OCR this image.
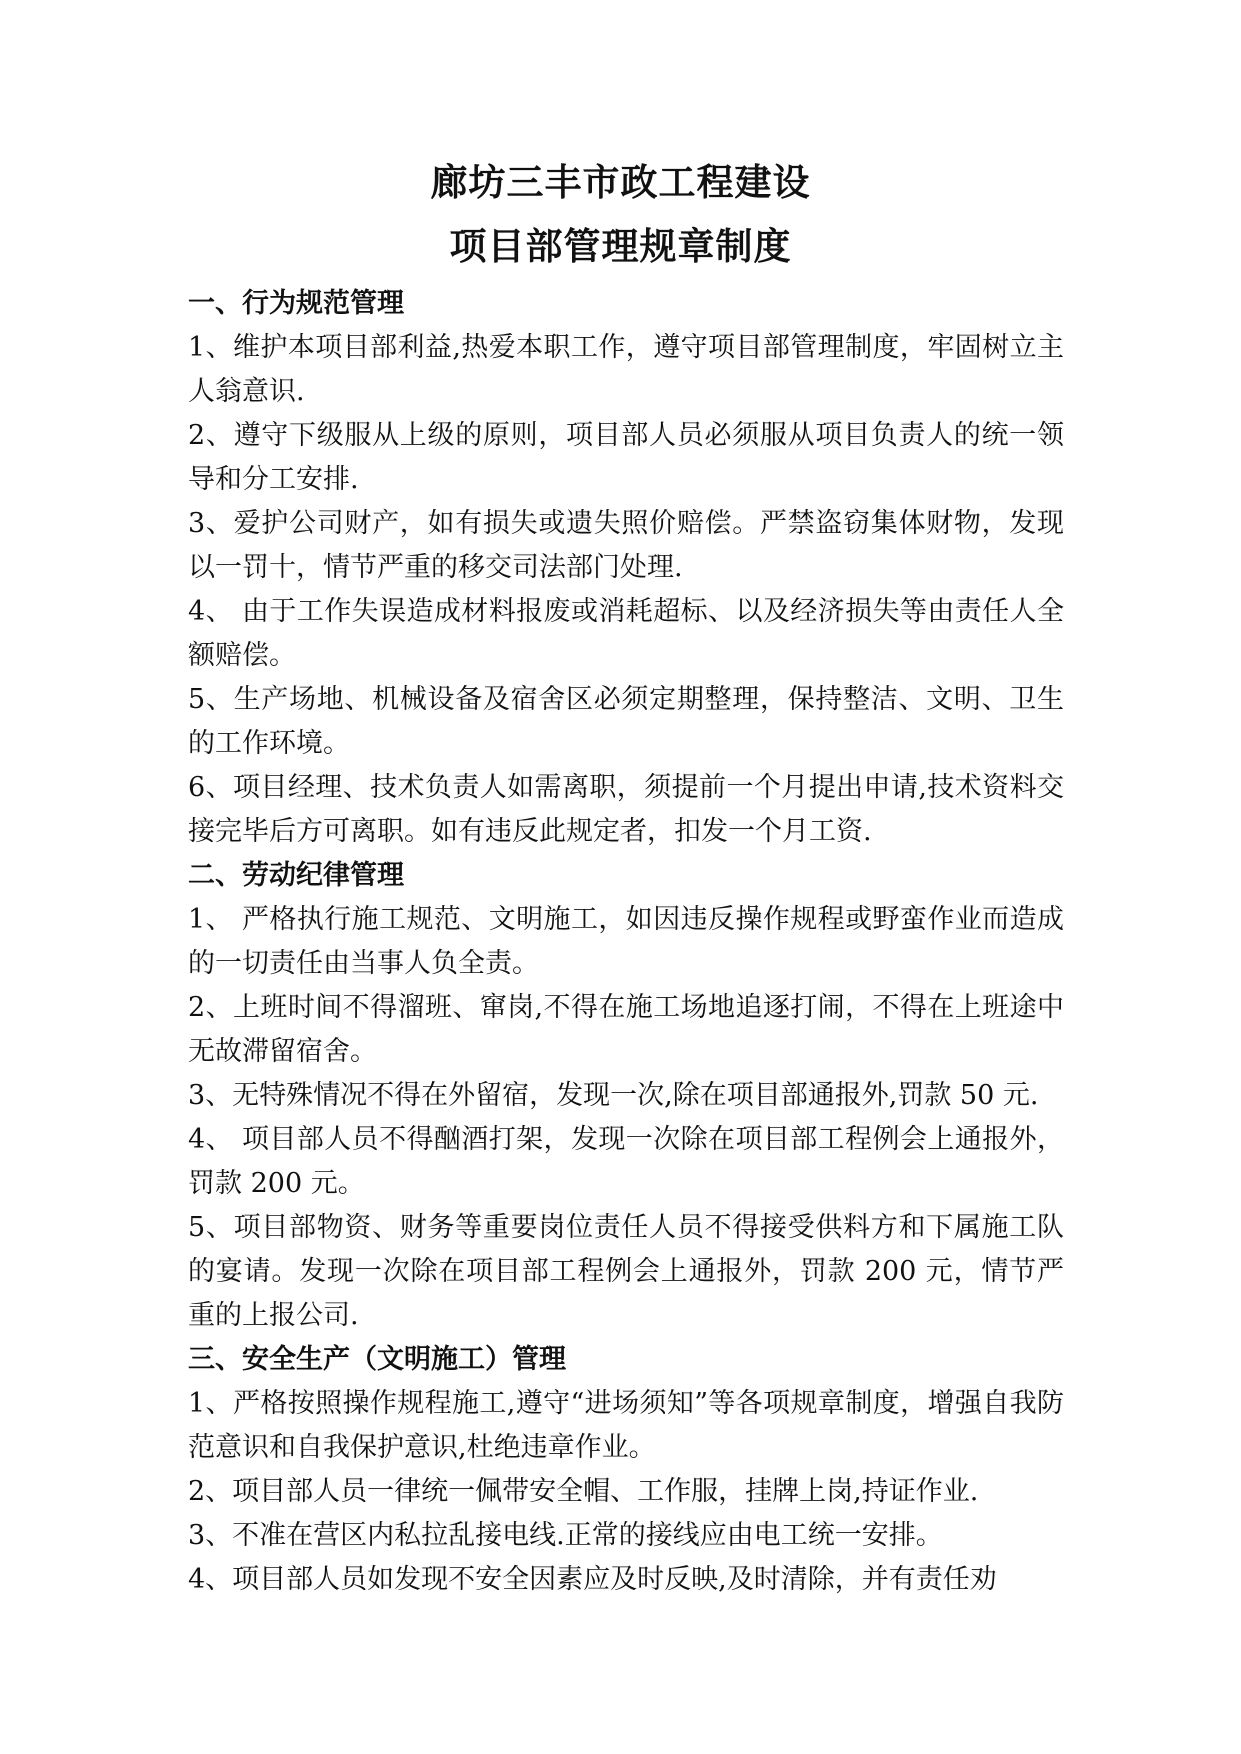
廊坊三丰市政工程建设
项目部管理规章制度
一、行为规范管理
1、维护本项目部利益,热爱本职工作，遵守项目部管理制度，牢固树立主人翁意识.
2、遵守下级服从上级的原则，项目部人员必须服从项目负责人的统一领导和分工安排.
3、爱护公司财产，如有损失或遗失照价赔偿。严禁盗窃集体财物，发现以一罚十，情节严重的移交司法部门处理.
4、 由于工作失误造成材料报废或消耗超标、以及经济损失等由责任人全额赔偿。
5、生产场地、机械设备及宿舍区必须定期整理，保持整洁、文明、卫生的工作环境。
6、项目经理、技术负责人如需离职，须提前一个月提出申请,技术资料交接完毕后方可离职。如有违反此规定者，扣发一个月工资.
二、劳动纪律管理
1、 严格执行施工规范、文明施工，如因违反操作规程或野蛮作业而造成的一切责任由当事人负全责。
2、上班时间不得溜班、窜岗,不得在施工场地追逐打闹，不得在上班途中无故滞留宿舍。
3、无特殊情况不得在外留宿，发现一次,除在项目部通报外,罚款 50 元.
4、 项目部人员不得酗酒打架，发现一次除在项目部工程例会上通报外，罚款 200 元。
5、项目部物资、财务等重要岗位责任人员不得接受供料方和下属施工队的宴请。发现一次除在项目部工程例会上通报外，罚款 200 元，情节严重的上报公司.
三、安全生产（文明施工）管理
1、严格按照操作规程施工,遵守“进场须知”等各项规章制度，增强自我防范意识和自我保护意识,杜绝违章作业。
2、项目部人员一律统一佩带安全帽、工作服，挂牌上岗,持证作业.
3、不准在营区内私拉乱接电线.正常的接线应由电工统一安排。
4、项目部人员如发现不安全因素应及时反映,及时清除，并有责任劝
